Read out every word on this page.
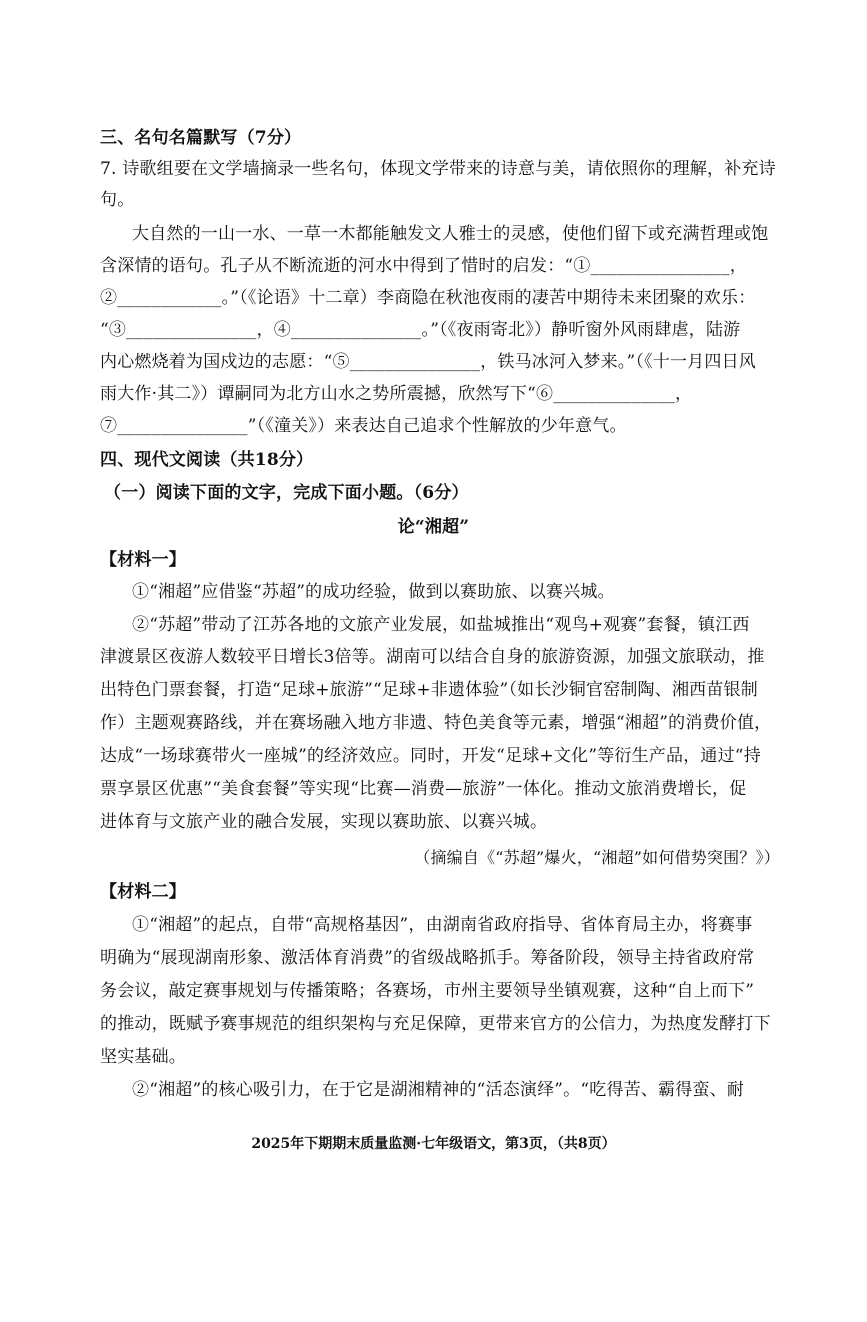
三、名句名篇默写（7分）
7. 诗歌组要在文学墙摘录一些名句，体现文学带来的诗意与美，请依照你的理解，补充诗
句。
大自然的一山一水、一草一木都能触发文人雅士的灵感，使他们留下或充满哲理或饱
含深情的语句。孔子从不断流逝的河水中得到了惜时的启发：“①________________，
②____________。”（《论语》十二章）李商隐在秋池夜雨的凄苦中期待未来团聚的欢乐：
“③_______________，④_______________。”（《夜雨寄北》）静听窗外风雨肆虐，陆游
内心燃烧着为国戍边的志愿：“⑤_______________，铁马冰河入梦来。”（《十一月四日风
雨大作·其二》）谭嗣同为北方山水之势所震撼，欣然写下“⑥______________，
⑦_______________”（《潼关》）来表达自己追求个性解放的少年意气。
四、现代文阅读（共18分）
（一）阅读下面的文字，完成下面小题。（6分）
论“湘超”
【材料一】
①“湘超”应借鉴“苏超”的成功经验，做到以赛助旅、以赛兴城。
②“苏超”带动了江苏各地的文旅产业发展，如盐城推出“观鸟+观赛”套餐，镇江西
津渡景区夜游人数较平日增长3倍等。湖南可以结合自身的旅游资源，加强文旅联动，推
出特色门票套餐，打造“足球+旅游”“足球+非遗体验”（如长沙铜官窑制陶、湘西苗银制
作）主题观赛路线，并在赛场融入地方非遗、特色美食等元素，增强“湘超”的消费价值，
达成“一场球赛带火一座城”的经济效应。同时，开发“足球+文化”等衍生产品，通过“持
票享景区优惠”“美食套餐”等实现“比赛—消费—旅游”一体化。推动文旅消费增长，促
进体育与文旅产业的融合发展，实现以赛助旅、以赛兴城。
（摘编自《“苏超”爆火，“湘超”如何借势突围？》）
【材料二】
①“湘超”的起点，自带“高规格基因”，由湖南省政府指导、省体育局主办，将赛事
明确为“展现湖南形象、激活体育消费”的省级战略抓手。筹备阶段，领导主持省政府常
务会议，敲定赛事规划与传播策略；各赛场，市州主要领导坐镇观赛，这种“自上而下”
的推动，既赋予赛事规范的组织架构与充足保障，更带来官方的公信力，为热度发酵打下
坚实基础。
②“湘超”的核心吸引力，在于它是湖湘精神的“活态演绎”。“吃得苦、霸得蛮、耐
2025年下期期末质量监测·七年级语文，第3页，（共8页）
